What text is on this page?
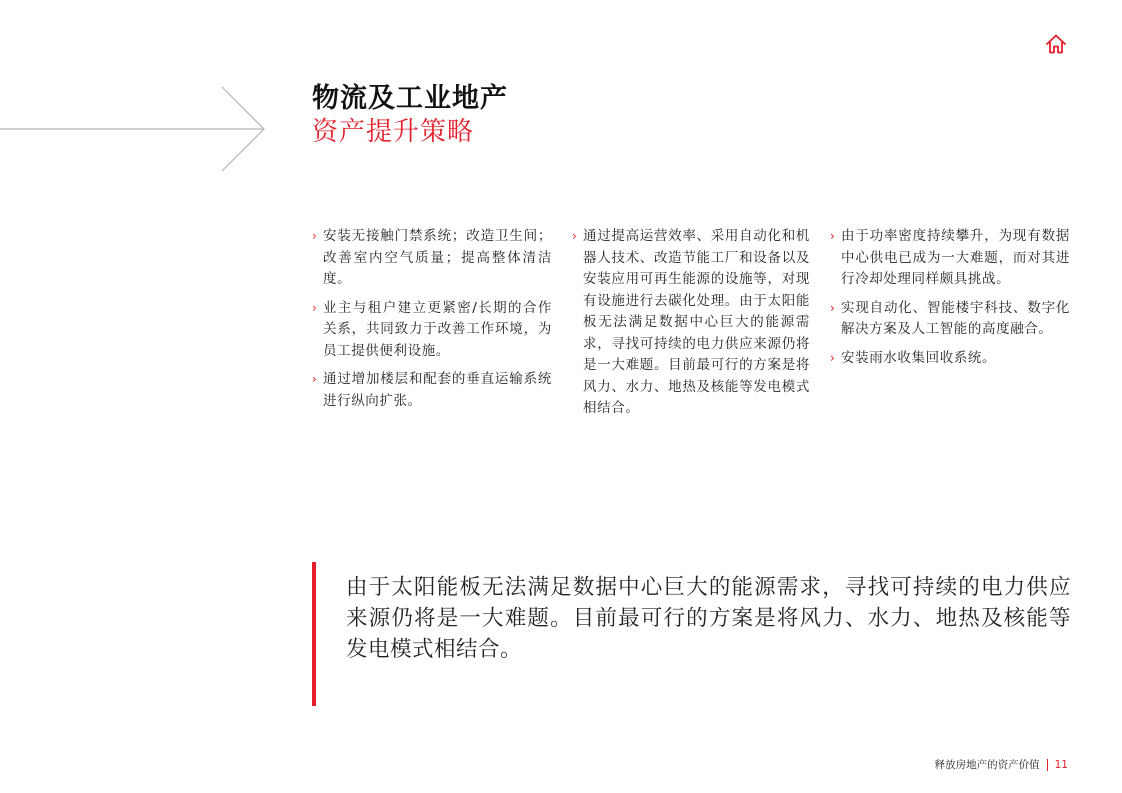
物流及工业地产
资产提升策略
› 安装无接触门禁系统；改造卫生间；改善室内空气质量；提高整体清洁度。
› 业主与租户建立更紧密/长期的合作关系，共同致力于改善工作环境，为员工提供便利设施。
› 通过增加楼层和配套的垂直运输系统进行纵向扩张。
› 通过提高运营效率、采用自动化和机器人技术、改造节能工厂和设备以及安装应用可再生能源的设施等，对现有设施进行去碳化处理。由于太阳能板无法满足数据中心巨大的能源需求，寻找可持续的电力供应来源仍将是一大难题。目前最可行的方案是将风力、水力、地热及核能等发电模式相结合。
› 由于功率密度持续攀升，为现有数据中心供电已成为一大难题，而对其进行冷却处理同样颇具挑战。
› 实现自动化、智能楼宇科技、数字化解决方案及人工智能的高度融合。
› 安装雨水收集回收系统。
由于太阳能板无法满足数据中心巨大的能源需求，寻找可持续的电力供应来源仍将是一大难题。目前最可行的方案是将风力、水力、地热及核能等发电模式相结合。
释放房地产的资产价值 11
